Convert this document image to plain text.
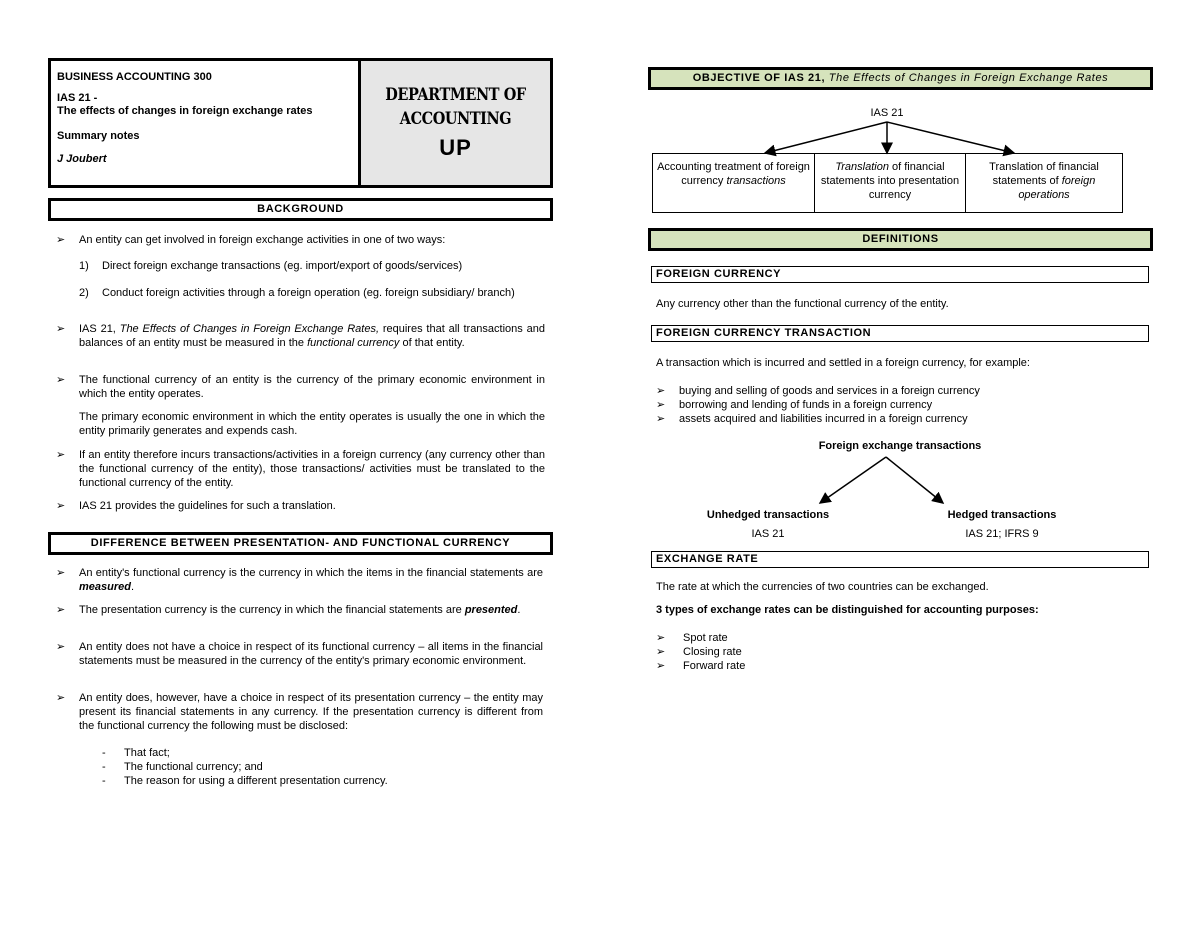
BUSINESS ACCOUNTING 300
IAS 21 -
The effects of changes in foreign exchange rates
Summary notes
J Joubert
DEPARTMENT OF
ACCOUNTING
UP
BACKGROUND
➢ An entity can get involved in foreign exchange activities in one of two ways:
1) Direct foreign exchange transactions (eg. import/export of goods/services)
2) Conduct foreign activities through a foreign operation (eg. foreign subsidiary/ branch)
➢ IAS 21, The Effects of Changes in Foreign Exchange Rates, requires that all transactions and balances of an entity must be measured in the functional currency of that entity.
➢ The functional currency of an entity is the currency of the primary economic environment in which the entity operates.
The primary economic environment in which the entity operates is usually the one in which the entity primarily generates and expends cash.
➢ If an entity therefore incurs transactions/activities in a foreign currency (any currency other than the functional currency of the entity), those transactions/ activities must be translated to the functional currency of the entity.
➢ IAS 21 provides the guidelines for such a translation.
DIFFERENCE BETWEEN PRESENTATION- AND FUNCTIONAL CURRENCY
➢ An entity's functional currency is the currency in which the items in the financial statements are measured.
➢ The presentation currency is the currency in which the financial statements are presented.
➢ An entity does not have a choice in respect of its functional currency – all items in the financial statements must be measured in the currency of the entity's primary economic environment.
➢ An entity does, however, have a choice in respect of its presentation currency – the entity may present its financial statements in any currency. If the presentation currency is different from the functional currency the following must be disclosed:
- That fact;
- The functional currency; and
- The reason for using a different presentation currency.
OBJECTIVE OF IAS 21, The Effects of Changes in Foreign Exchange Rates
IAS 21
Accounting treatment of foreign currency transactions
Translation of financial statements into presentation currency
Translation of financial statements of foreign operations
DEFINITIONS
FOREIGN CURRENCY
Any currency other than the functional currency of the entity.
FOREIGN CURRENCY TRANSACTION
A transaction which is incurred and settled in a foreign currency, for example:
➢ buying and selling of goods and services in a foreign currency
➢ borrowing and lending of funds in a foreign currency
➢ assets acquired and liabilities incurred in a foreign currency
Foreign exchange transactions
Unhedged transactions
IAS 21
Hedged transactions
IAS 21; IFRS 9
EXCHANGE RATE
The rate at which the currencies of two countries can be exchanged.
3 types of exchange rates can be distinguished for accounting purposes:
➢ Spot rate
➢ Closing rate
➢ Forward rate
